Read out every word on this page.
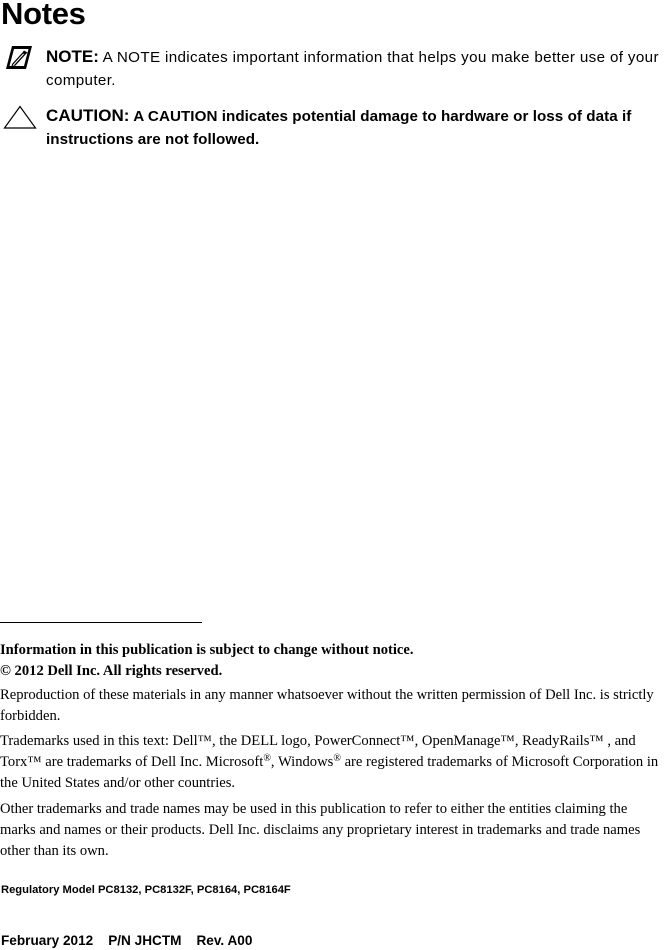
Notes
NOTE: A NOTE indicates important information that helps you make better use of your computer.
CAUTION: A CAUTION indicates potential damage to hardware or loss of data if instructions are not followed.
Information in this publication is subject to change without notice.
© 2012 Dell Inc. All rights reserved.
Reproduction of these materials in any manner whatsoever without the written permission of Dell Inc. is strictly forbidden.
Trademarks used in this text: Dell™, the DELL logo, PowerConnect™, OpenManage™, ReadyRails™ , and Torx™ are trademarks of Dell Inc. Microsoft®, Windows® are registered trademarks of Microsoft Corporation in the United States and/or other countries.
Other trademarks and trade names may be used in this publication to refer to either the entities claiming the marks and names or their products. Dell Inc. disclaims any proprietary interest in trademarks and trade names other than its own.
Regulatory Model PC8132, PC8132F, PC8164, PC8164F
February 2012 P/N JHCTM Rev. A00
